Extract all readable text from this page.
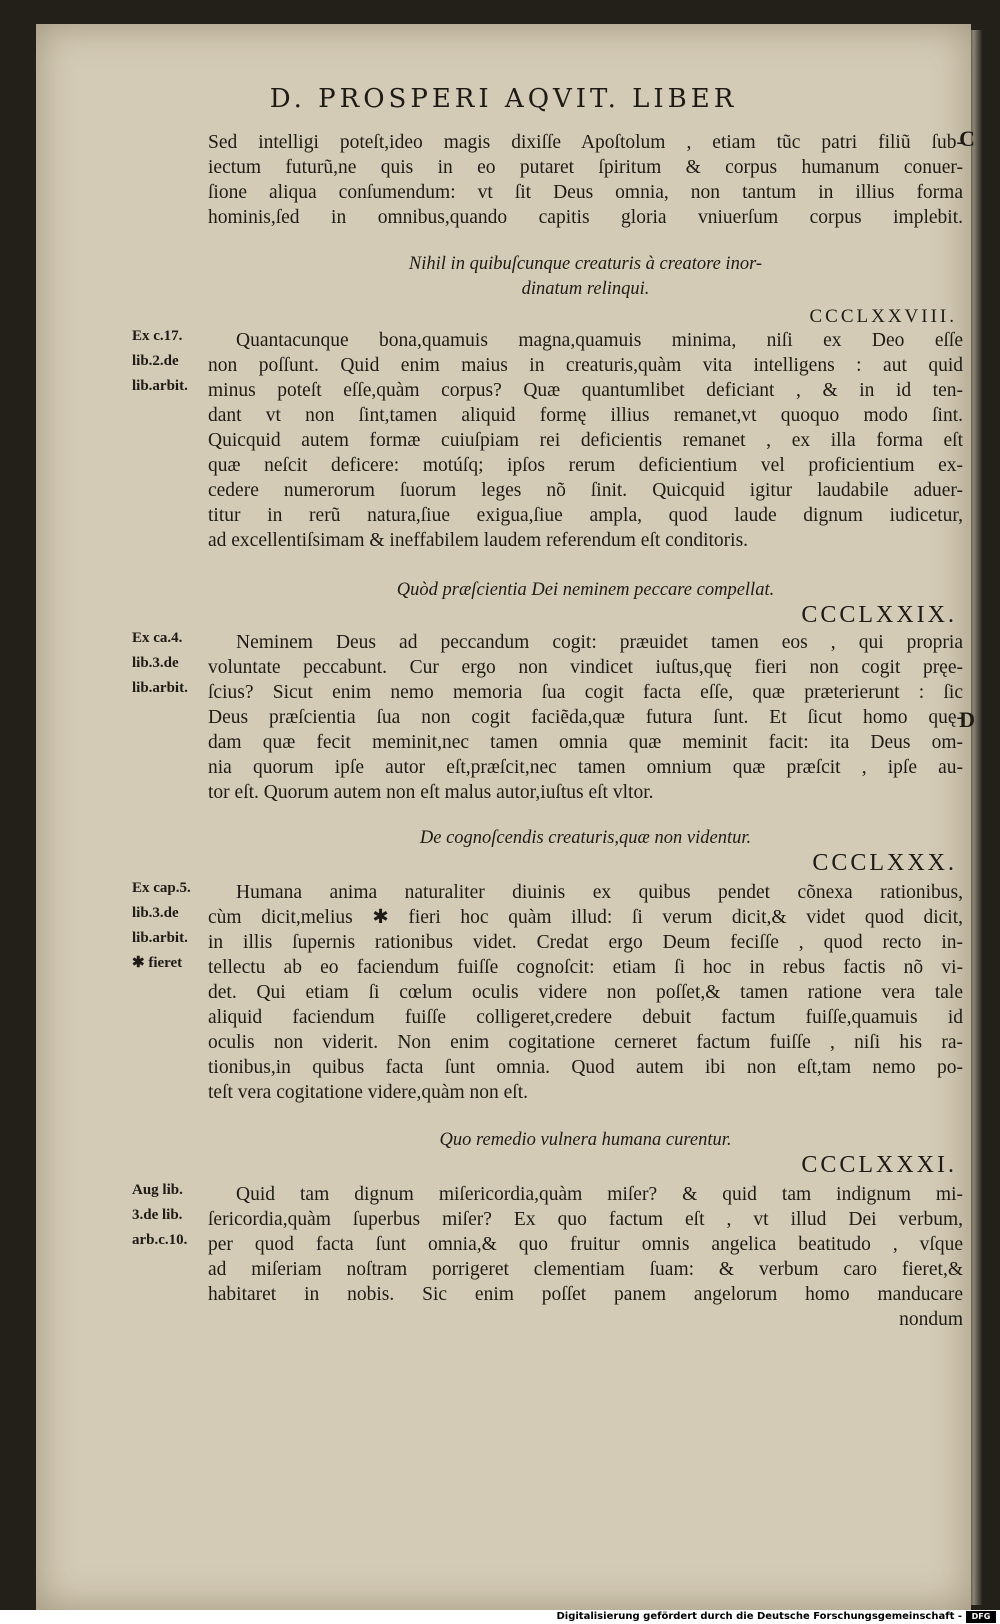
D. PROSPERI AQVIT. LIBER
C
D
Sed intelligi poteſt,ideo magis dixiſſe Apoſtolum , etiam tũc patri filiũ ſub-
iectum futurũ,ne quis in eo putaret ſpiritum & corpus humanum conuer-
ſione aliqua conſumendum: vt ſit Deus omnia, non tantum in illius forma
hominis,ſed in omnibus,quando capitis gloria vniuerſum corpus implebit.
Nihil in quibuſcunque creaturis à creatore inor-
dinatum relinqui.
CCCLXXVIII.
Ex c.17.
lib.2.de
lib.arbit.
Quantacunque bona,quamuis magna,quamuis minima, niſi ex Deo eſſe
non poſſunt. Quid enim maius in creaturis,quàm vita intelligens : aut quid
minus poteſt eſſe,quàm corpus? Quæ quantumlibet deficiant , & in id ten-
dant vt non ſint,tamen aliquid formę illius remanet,vt quoquo modo ſint.
Quicquid autem formæ cuiuſpiam rei deficientis remanet , ex illa forma eſt
quæ neſcit deficere: motúſq; ipſos rerum deficientium vel proficientium ex-
cedere numerorum ſuorum leges nõ ſinit. Quicquid igitur laudabile aduer-
titur in rerũ natura,ſiue exigua,ſiue ampla, quod laude dignum iudicetur,
ad excellentiſsimam & ineffabilem laudem referendum eſt conditoris.
Quòd præſcientia Dei neminem peccare compellat.
CCCLXXIX.
Ex ca.4.
lib.3.de
lib.arbit.
Neminem Deus ad peccandum cogit: præuidet tamen eos , qui propria
voluntate peccabunt. Cur ergo non vindicet iuſtus,quę fieri non cogit pręe-
ſcius? Sicut enim nemo memoria ſua cogit facta eſſe, quæ præterierunt : ſic
Deus præſcientia ſua non cogit faciẽda,quæ futura ſunt. Et ſicut homo quę-
dam quæ fecit meminit,nec tamen omnia quæ meminit facit: ita Deus om-
nia quorum ipſe autor eſt,præſcit,nec tamen omnium quæ præſcit , ipſe au-
tor eſt. Quorum autem non eſt malus autor,iuſtus eſt vltor.
De cognoſcendis creaturis,quæ non videntur.
CCCLXXX.
Ex cap.5.
lib.3.de
lib.arbit.
✱ fieret
Humana anima naturaliter diuinis ex quibus pendet cõnexa rationibus,
cùm dicit,melius ✱ fieri hoc quàm illud: ſi verum dicit,& videt quod dicit,
in illis ſupernis rationibus videt. Credat ergo Deum feciſſe , quod recto in-
tellectu ab eo faciendum fuiſſe cognoſcit: etiam ſi hoc in rebus factis nõ vi-
det. Qui etiam ſi cœlum oculis videre non poſſet,& tamen ratione vera tale
aliquid faciendum fuiſſe colligeret,credere debuit factum fuiſſe,quamuis id
oculis non viderit. Non enim cogitatione cerneret factum fuiſſe , niſi his ra-
tionibus,in quibus facta ſunt omnia. Quod autem ibi non eſt,tam nemo po-
teſt vera cogitatione videre,quàm non eſt.
Quo remedio vulnera humana curentur.
CCCLXXXI.
Aug lib.
3.de lib.
arb.c.10.
Quid tam dignum miſericordia,quàm miſer? & quid tam indignum mi-
ſericordia,quàm ſuperbus miſer? Ex quo factum eſt , vt illud Dei verbum,
per quod facta ſunt omnia,& quo fruitur omnis angelica beatitudo , vſque
ad miſeriam noſtram porrigeret clementiam ſuam: & verbum caro fieret,&
habitaret in nobis. Sic enim poſſet panem angelorum homo manducare
nondum
Digitalisierung gefördert durch die Deutsche Forschungsgemeinschaft -	DFG
